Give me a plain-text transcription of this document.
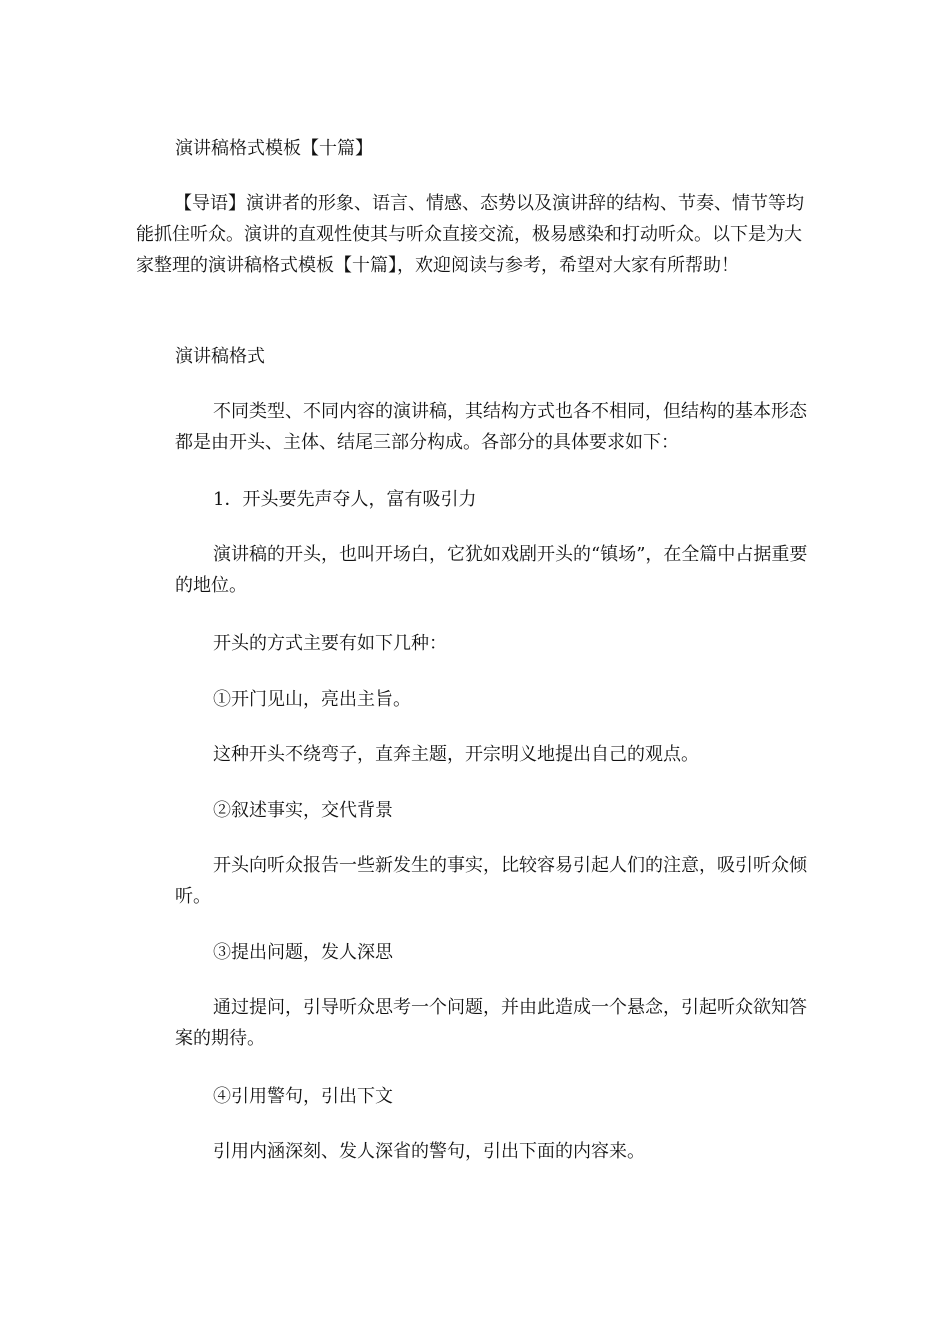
演讲稿格式模板【十篇】

【导语】演讲者的形象、语言、情感、态势以及演讲辞的结构、节奏、情节等均能抓住听众。演讲的直观性使其与听众直接交流，极易感染和打动听众。以下是为大家整理的演讲稿格式模板【十篇】，欢迎阅读与参考，希望对大家有所帮助！

演讲稿格式

不同类型、不同内容的演讲稿，其结构方式也各不相同，但结构的基本形态都是由开头、主体、结尾三部分构成。各部分的具体要求如下：

1．开头要先声夺人，富有吸引力

演讲稿的开头，也叫开场白，它犹如戏剧开头的“镇场”，在全篇中占据重要的地位。

开头的方式主要有如下几种：

①开门见山，亮出主旨。

这种开头不绕弯子，直奔主题，开宗明义地提出自己的观点。

②叙述事实，交代背景

开头向听众报告一些新发生的事实，比较容易引起人们的注意，吸引听众倾听。

③提出问题，发人深思

通过提问，引导听众思考一个问题，并由此造成一个悬念，引起听众欲知答案的期待。

④引用警句，引出下文

引用内涵深刻、发人深省的警句，引出下面的内容来。
